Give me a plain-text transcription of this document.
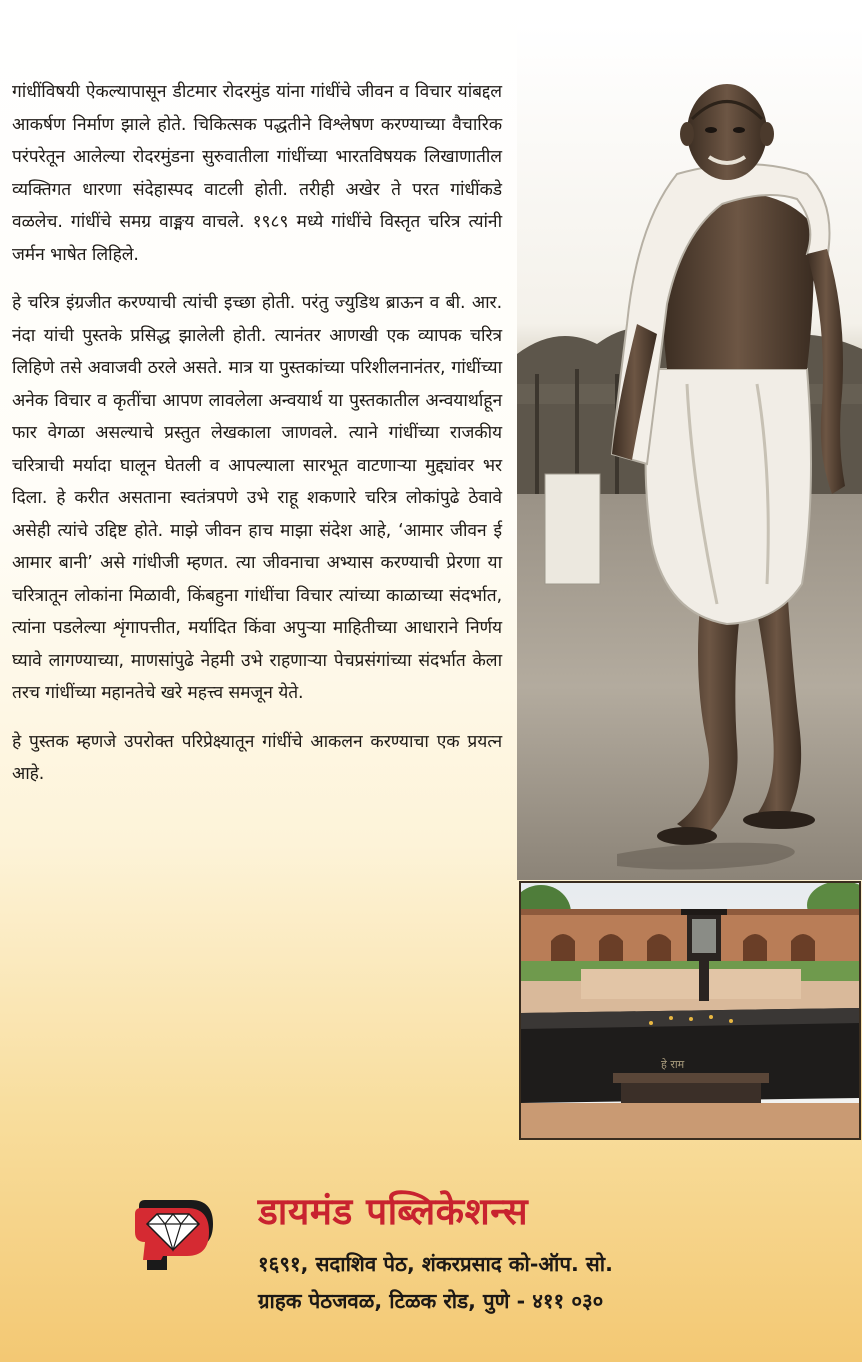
गांधींविषयी ऐकल्यापासून डीटमार रोदरमुंड यांना गांधींचे जीवन व विचार यांबद्दल आकर्षण निर्माण झाले होते. चिकित्सक पद्धतीने विश्लेषण करण्याच्या वैचारिक परंपरेतून आलेल्या रोदरमुंडना सुरुवातीला गांधींच्या भारतविषयक लिखाणातील व्यक्तिगत धारणा संदेहास्पद वाटली होती. तरीही अखेर ते परत गांधींकडे वळलेच. गांधींचे समग्र वाङ्मय वाचले. १९८९ मध्ये गांधींचे विस्तृत चरित्र त्यांनी जर्मन भाषेत लिहिले.

हे चरित्र इंग्रजीत करण्याची त्यांची इच्छा होती. परंतु ज्युडिथ ब्राऊन व बी. आर. नंदा यांची पुस्तके प्रसिद्ध झालेली होती. त्यानंतर आणखी एक व्यापक चरित्र लिहिणे तसे अवाजवी ठरले असते. मात्र या पुस्तकांच्या परिशीलनानंतर, गांधींच्या अनेक विचार व कृतींचा आपण लावलेला अन्वयार्थ या पुस्तकातील अन्वयार्थाहून फार वेगळा असल्याचे प्रस्तुत लेखकाला जाणवले. त्याने गांधींच्या राजकीय चरित्राची मर्यादा घालून घेतली व आपल्याला सारभूत वाटणाऱ्या मुद्द्यांवर भर दिला. हे करीत असताना स्वतंत्रपणे उभे राहू शकणारे चरित्र लोकांपुढे ठेवावे असेही त्यांचे उद्दिष्ट होते. माझे जीवन हाच माझा संदेश आहे, ‘आमार जीवन ई आमार बानी’ असे गांधीजी म्हणत. त्या जीवनाचा अभ्यास करण्याची प्रेरणा या चरित्रातून लोकांना मिळावी, किंबहुना गांधींचा विचार त्यांच्या काळाच्या संदर्भात, त्यांना पडलेल्या शृंगापत्तीत, मर्यादित किंवा अपुऱ्या माहितीच्या आधाराने निर्णय घ्यावे लागण्याच्या, माणसांपुढे नेहमी उभे राहणाऱ्या पेचप्रसंगांच्या संदर्भात केला तरच गांधींच्या महानतेचे खरे महत्त्व समजून येते.

हे पुस्तक म्हणजे उपरोक्त परिप्रेक्ष्यातून गांधींचे आकलन करण्याचा एक प्रयत्न आहे.

हे राम
डायमंड पब्लिकेशन्स
१६९१, सदाशिव पेठ, शंकरप्रसाद को-ऑप. सो.
ग्राहक पेठजवळ, टिळक रोड, पुणे - ४११ ०३०
